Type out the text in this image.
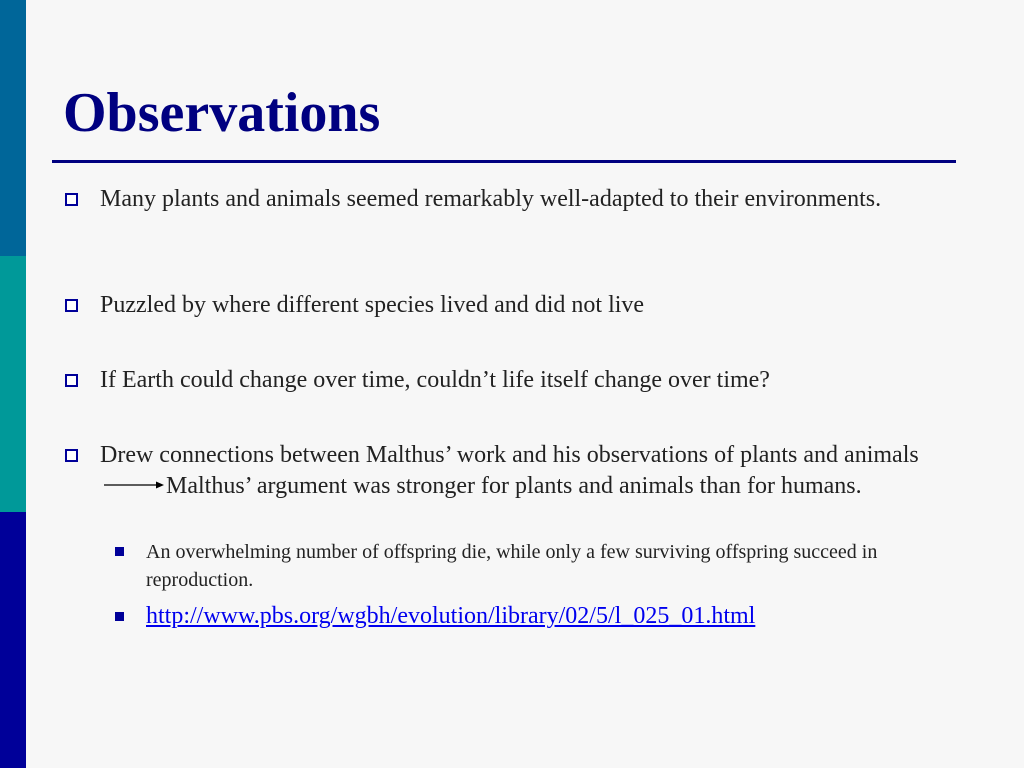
Observations
Many plants and animals seemed remarkably well-adapted to their environments.
Puzzled by where different species lived and did not live
If Earth could change over time, couldn’t life itself change over time?
Drew connections between Malthus’ work and his observations of plants and animalsMalthus’ argument was stronger for plants and animals than for humans.
An overwhelming number of offspring die, while only a few surviving offspring succeed in reproduction.
http://www.pbs.org/wgbh/evolution/library/02/5/l_025_01.html
